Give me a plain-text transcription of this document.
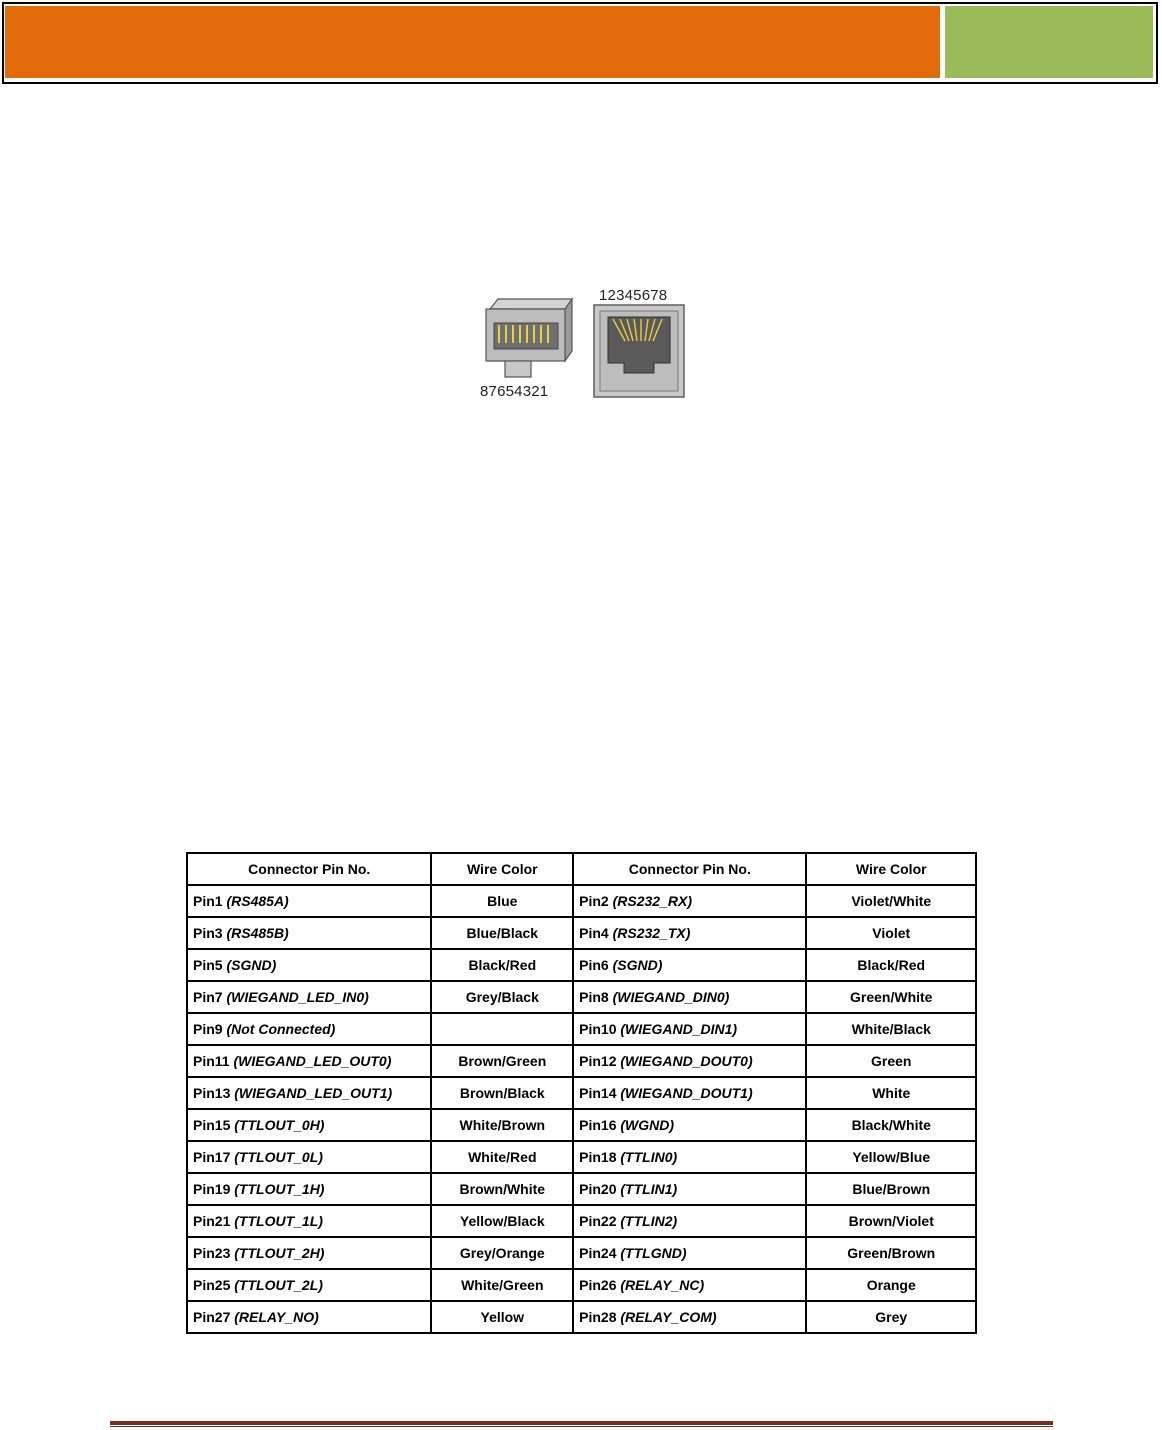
12345678
87654321
Connector Pin No.	Wire Color	Connector Pin No.	Wire Color
Pin1 (RS485A)	Blue	Pin2 (RS232_RX)	Violet/White
Pin3 (RS485B)	Blue/Black	Pin4 (RS232_TX)	Violet
Pin5 (SGND)	Black/Red	Pin6 (SGND)	Black/Red
Pin7 (WIEGAND_LED_IN0)	Grey/Black	Pin8 (WIEGAND_DIN0)	Green/White
Pin9 (Not Connected)		Pin10 (WIEGAND_DIN1)	White/Black
Pin11 (WIEGAND_LED_OUT0)	Brown/Green	Pin12 (WIEGAND_DOUT0)	Green
Pin13 (WIEGAND_LED_OUT1)	Brown/Black	Pin14 (WIEGAND_DOUT1)	White
Pin15 (TTLOUT_0H)	White/Brown	Pin16 (WGND)	Black/White
Pin17 (TTLOUT_0L)	White/Red	Pin18 (TTLIN0)	Yellow/Blue
Pin19 (TTLOUT_1H)	Brown/White	Pin20 (TTLIN1)	Blue/Brown
Pin21 (TTLOUT_1L)	Yellow/Black	Pin22 (TTLIN2)	Brown/Violet
Pin23 (TTLOUT_2H)	Grey/Orange	Pin24 (TTLGND)	Green/Brown
Pin25 (TTLOUT_2L)	White/Green	Pin26 (RELAY_NC)	Orange
Pin27 (RELAY_NO)	Yellow	Pin28 (RELAY_COM)	Grey
